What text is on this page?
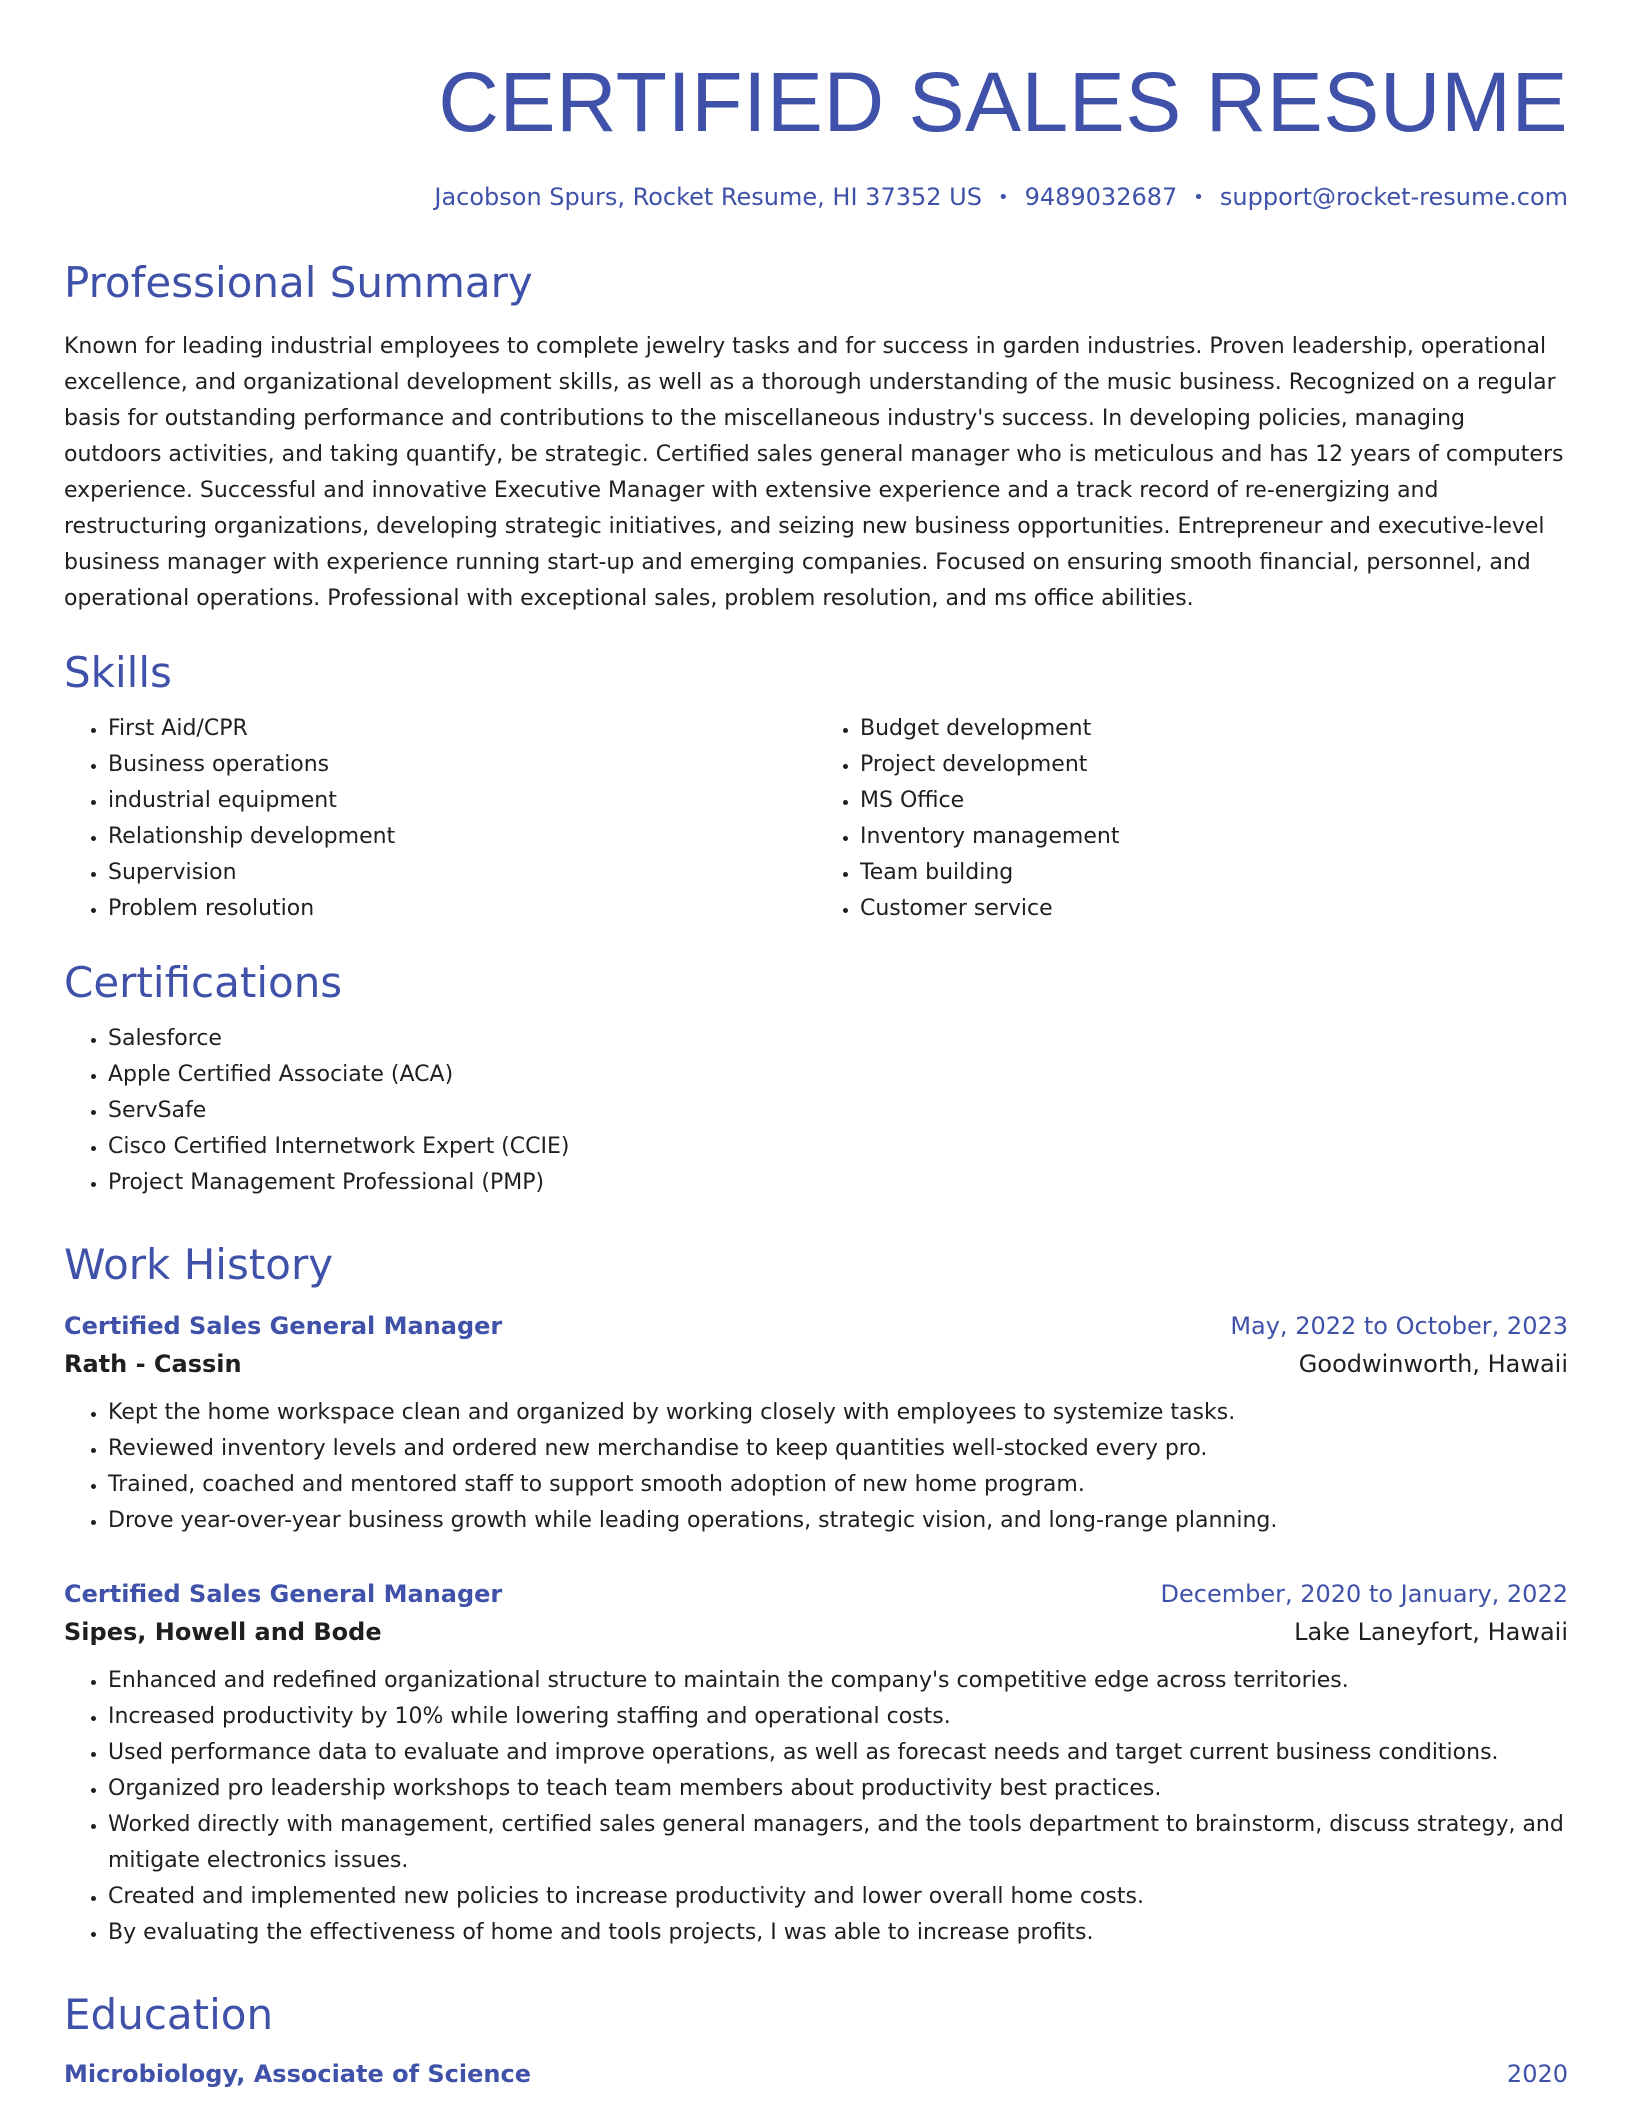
CERTIFIED SALES RESUME
Jacobson Spurs, Rocket Resume, HI 37352 US • 9489032687 • support@rocket-resume.com
Professional Summary

Known for leading industrial employees to complete jewelry tasks and for success in garden industries. Proven leadership, operational excellence, and organizational development skills, as well as a thorough understanding of the music business. Recognized on a regular basis for outstanding performance and contributions to the miscellaneous industry's success. In developing policies, managing outdoors activities, and taking quantify, be strategic. Certified sales general manager who is meticulous and has 12 years of computers experience. Successful and innovative Executive Manager with extensive experience and a track record of re-energizing and restructuring organizations, developing strategic initiatives, and seizing new business opportunities. Entrepreneur and executive-level business manager with experience running start-up and emerging companies. Focused on ensuring smooth financial, personnel, and operational operations. Professional with exceptional sales, problem resolution, and ms office abilities.

Skills
• First Aid/CPR
• Business operations
• industrial equipment
• Relationship development
• Supervision
• Problem resolution
• Budget development
• Project development
• MS Office
• Inventory management
• Team building
• Customer service
Certifications
• Salesforce
• Apple Certified Associate (ACA)
• ServSafe
• Cisco Certified Internetwork Expert (CCIE)
• Project Management Professional (PMP)
Work History
Certified Sales General Manager	May, 2022 to October, 2023
Rath - Cassin	Goodwinworth, Hawaii
• Kept the home workspace clean and organized by working closely with employees to systemize tasks.
• Reviewed inventory levels and ordered new merchandise to keep quantities well-stocked every pro.
• Trained, coached and mentored staff to support smooth adoption of new home program.
• Drove year-over-year business growth while leading operations, strategic vision, and long-range planning.
Certified Sales General Manager	December, 2020 to January, 2022
Sipes, Howell and Bode	Lake Laneyfort, Hawaii
• Enhanced and redefined organizational structure to maintain the company's competitive edge across territories.
• Increased productivity by 10% while lowering staffing and operational costs.
• Used performance data to evaluate and improve operations, as well as forecast needs and target current business conditions.
• Organized pro leadership workshops to teach team members about productivity best practices.
• Worked directly with management, certified sales general managers, and the tools department to brainstorm, discuss strategy, and mitigate electronics issues.
• Created and implemented new policies to increase productivity and lower overall home costs.
• By evaluating the effectiveness of home and tools projects, I was able to increase profits.
Education
Microbiology, Associate of Science	2020
